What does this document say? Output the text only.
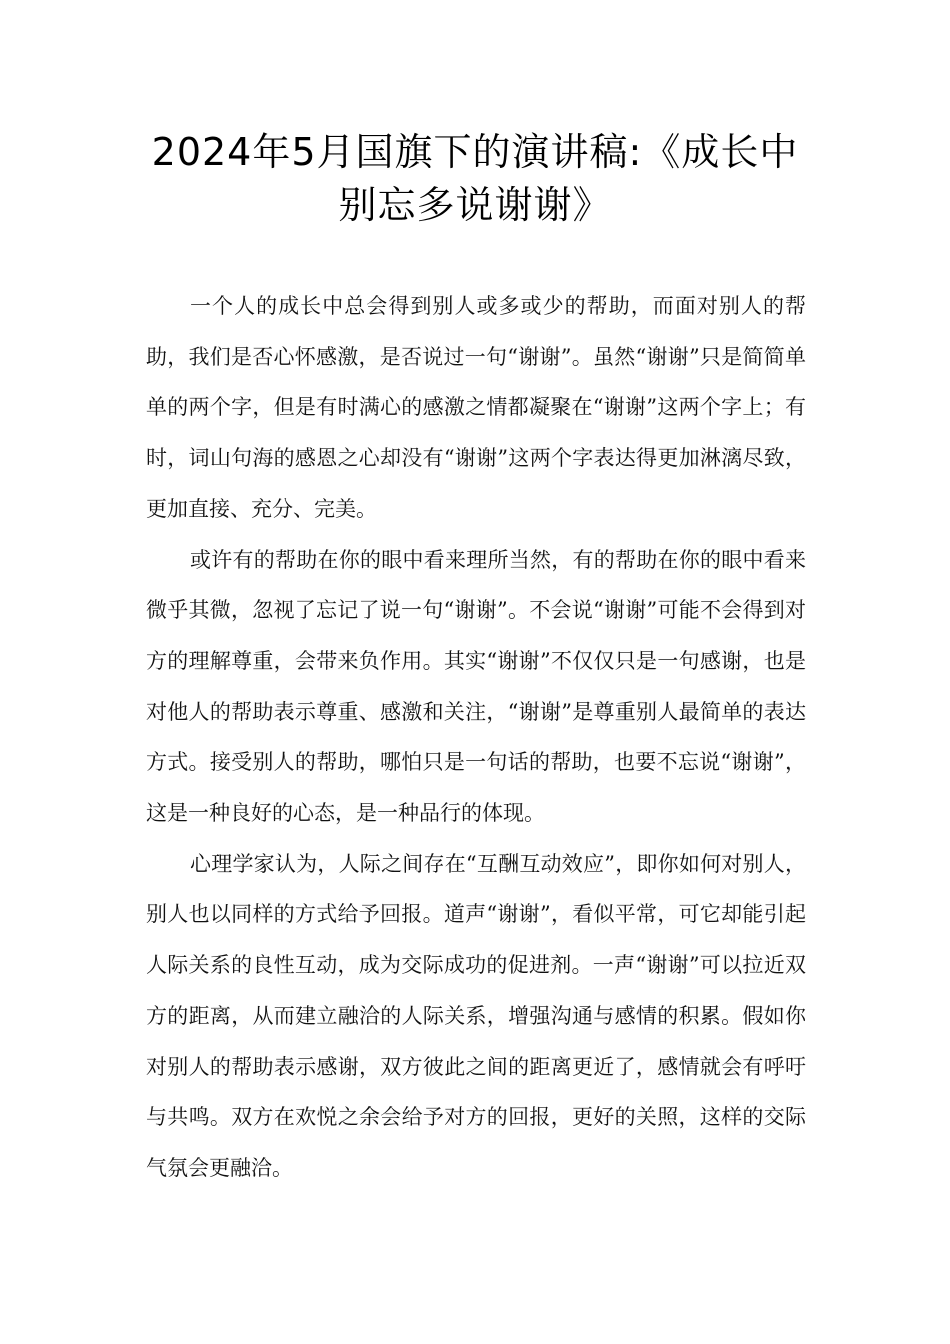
2024年5月国旗下的演讲稿:《成长中
别忘多说谢谢》

一个人的成长中总会得到别人或多或少的帮助，而面对别人的帮助，我们是否心怀感激，是否说过一句“谢谢”。虽然“谢谢”只是简简单单的两个字，但是有时满心的感激之情都凝聚在“谢谢”这两个字上；有时，词山句海的感恩之心却没有“谢谢”这两个字表达得更加淋漓尽致，更加直接、充分、完美。

或许有的帮助在你的眼中看来理所当然，有的帮助在你的眼中看来微乎其微，忽视了忘记了说一句“谢谢”。不会说“谢谢”可能不会得到对方的理解尊重，会带来负作用。其实“谢谢”不仅仅只是一句感谢，也是对他人的帮助表示尊重、感激和关注，“谢谢”是尊重别人最简单的表达方式。接受别人的帮助，哪怕只是一句话的帮助，也要不忘说“谢谢”，这是一种良好的心态，是一种品行的体现。

心理学家认为，人际之间存在“互酬互动效应”，即你如何对别人，别人也以同样的方式给予回报。道声“谢谢”，看似平常，可它却能引起人际关系的良性互动，成为交际成功的促进剂。一声“谢谢”可以拉近双方的距离，从而建立融洽的人际关系，增强沟通与感情的积累。假如你对别人的帮助表示感谢，双方彼此之间的距离更近了，感情就会有呼吁与共鸣。双方在欢悦之余会给予对方的回报，更好的关照，这样的交际气氛会更融洽。
